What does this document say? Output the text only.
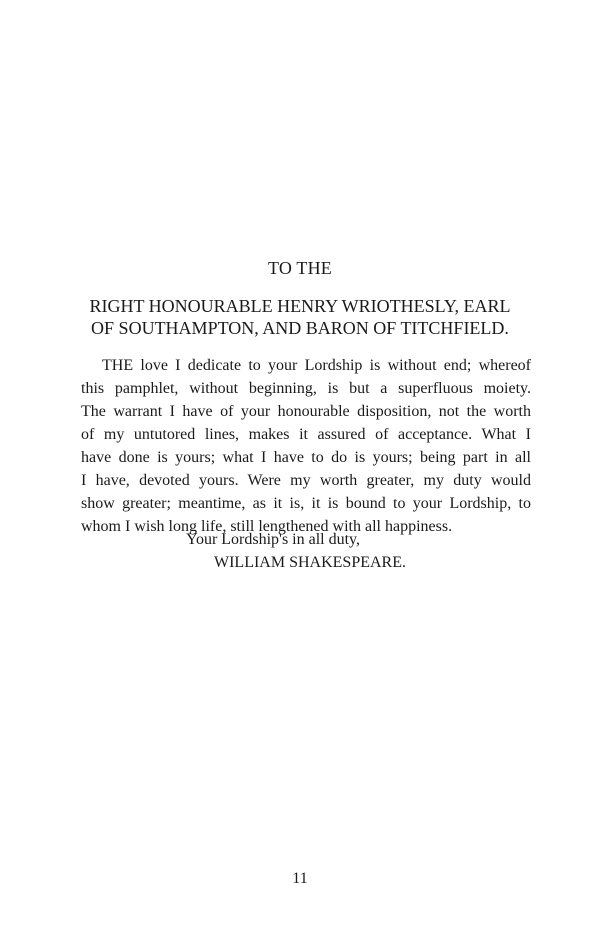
TO THE
RIGHT HONOURABLE HENRY WRIOTHESLY, EARL
OF SOUTHAMPTON, AND BARON OF TITCHFIELD.
THE love I dedicate to your Lordship is without end; whereof
this pamphlet, without beginning, is but a superfluous moiety.
The warrant I have of your honourable disposition, not the worth
of my untutored lines, makes it assured of acceptance. What I
have done is yours; what I have to do is yours; being part in all
I have, devoted yours. Were my worth greater, my duty would
show greater; meantime, as it is, it is bound to your Lordship, to
whom I wish long life, still lengthened with all happiness.
Your Lordship's in all duty,
WILLIAM SHAKESPEARE.
11
